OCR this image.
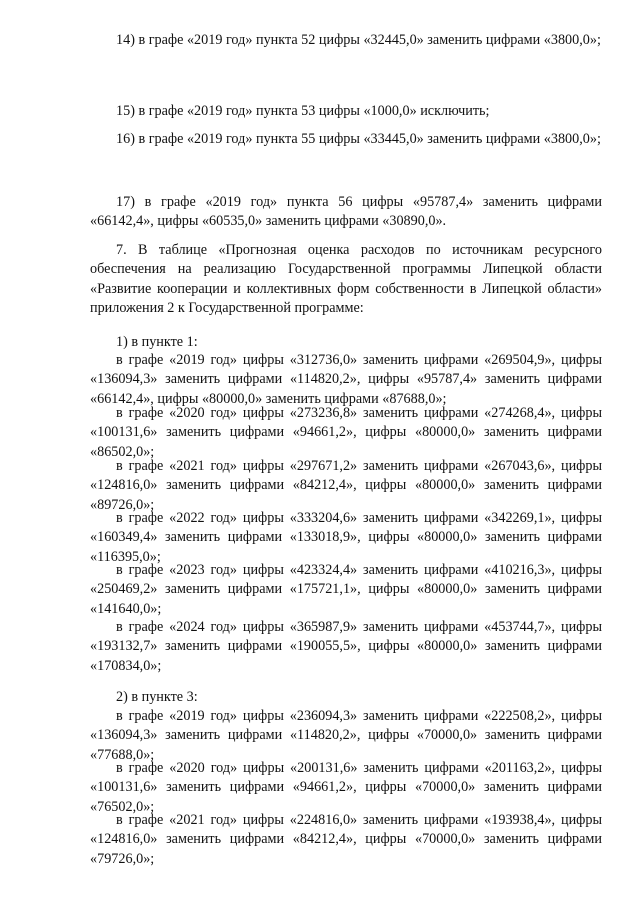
14) в графе «2019 год» пункта 52 цифры «32445,0» заменить цифрами «3800,0»;
15) в графе «2019 год» пункта 53 цифры «1000,0» исключить;
16) в графе «2019 год» пункта 55 цифры «33445,0» заменить цифрами «3800,0»;
17) в графе «2019 год» пункта 56 цифры «95787,4» заменить цифрами «66142,4», цифры «60535,0» заменить цифрами «30890,0».
7. В таблице «Прогнозная оценка расходов по источникам ресурсного обеспечения на реализацию Государственной программы Липецкой области «Развитие кооперации и коллективных форм собственности в Липецкой области» приложения 2 к Государственной программе:
1) в пункте 1:
в графе «2019 год» цифры «312736,0» заменить цифрами «269504,9», цифры «136094,3» заменить цифрами «114820,2», цифры «95787,4» заменить цифрами «66142,4», цифры «80000,0» заменить цифрами «87688,0»;
в графе «2020 год» цифры «273236,8» заменить цифрами «274268,4», цифры «100131,6» заменить цифрами «94661,2», цифры «80000,0» заменить цифрами «86502,0»;
в графе «2021 год» цифры «297671,2» заменить цифрами «267043,6», цифры «124816,0» заменить цифрами «84212,4», цифры «80000,0» заменить цифрами «89726,0»;
в графе «2022 год» цифры «333204,6» заменить цифрами «342269,1», цифры «160349,4» заменить цифрами «133018,9», цифры «80000,0» заменить цифрами «116395,0»;
в графе «2023 год» цифры «423324,4» заменить цифрами «410216,3», цифры «250469,2» заменить цифрами «175721,1», цифры «80000,0» заменить цифрами «141640,0»;
в графе «2024 год» цифры «365987,9» заменить цифрами «453744,7», цифры «193132,7» заменить цифрами «190055,5», цифры «80000,0» заменить цифрами «170834,0»;
2) в пункте 3:
в графе «2019 год» цифры «236094,3» заменить цифрами «222508,2», цифры «136094,3» заменить цифрами «114820,2», цифры «70000,0» заменить цифрами «77688,0»;
в графе «2020 год» цифры «200131,6» заменить цифрами «201163,2», цифры «100131,6» заменить цифрами «94661,2», цифры «70000,0» заменить цифрами «76502,0»;
в графе «2021 год» цифры «224816,0» заменить цифрами «193938,4», цифры «124816,0» заменить цифрами «84212,4», цифры «70000,0» заменить цифрами «79726,0»;
